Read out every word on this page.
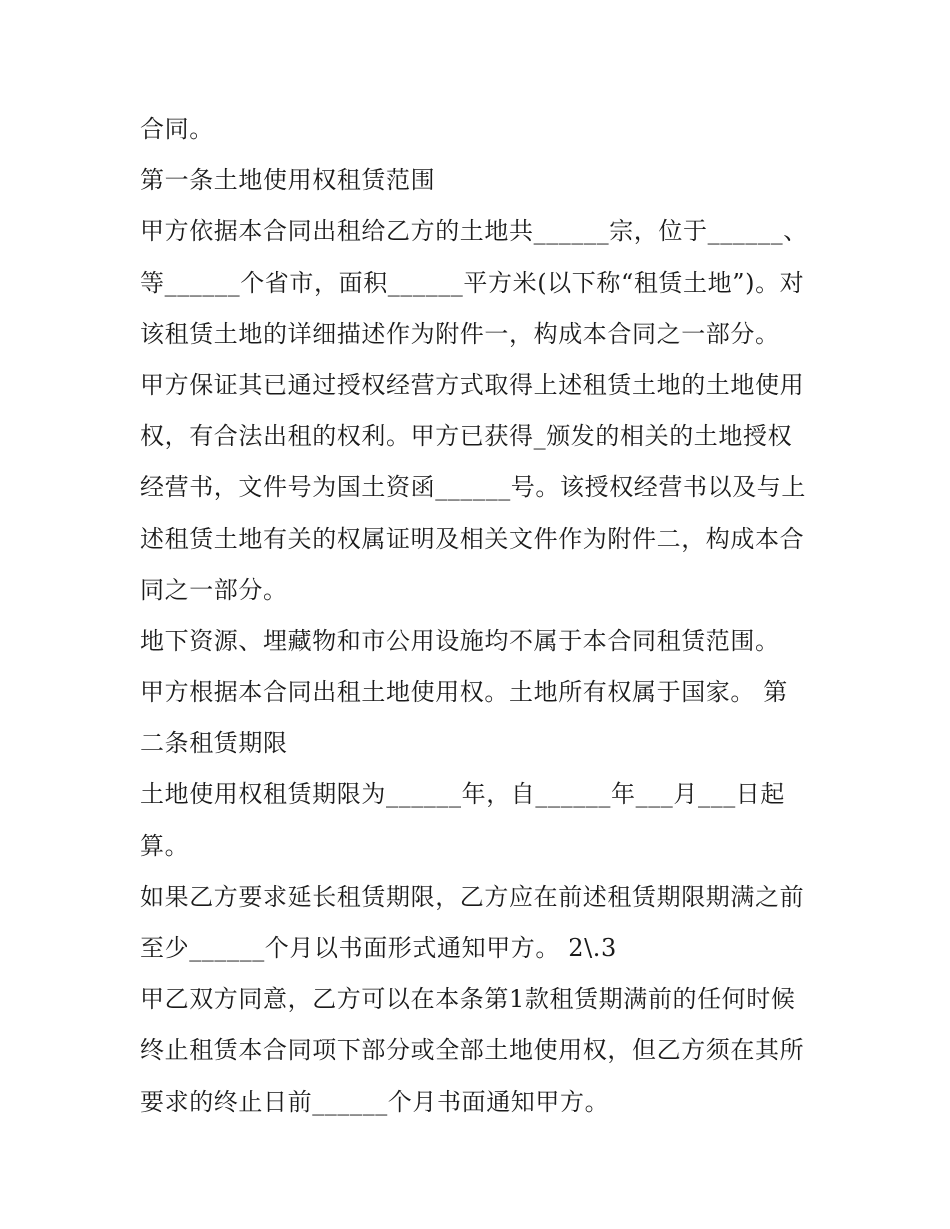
合同。
第一条土地使用权租赁范围
甲方依据本合同出租给乙方的土地共______宗，位于______、
等______个省市，面积______平方米(以下称“租赁土地”)。对
该租赁土地的详细描述作为附件一，构成本合同之一部分。
甲方保证其已通过授权经营方式取得上述租赁土地的土地使用
权，有合法出租的权利。甲方已获得_颁发的相关的土地授权
经营书，文件号为国土资函______号。该授权经营书以及与上
述租赁土地有关的权属证明及相关文件作为附件二，构成本合
同之一部分。
地下资源、埋藏物和市公用设施均不属于本合同租赁范围。
甲方根据本合同出租土地使用权。土地所有权属于国家。 第
二条租赁期限
土地使用权租赁期限为______年，自______年___月___日起
算。
如果乙方要求延长租赁期限，乙方应在前述租赁期限期满之前
至少______个月以书面形式通知甲方。 2\.3
甲乙双方同意，乙方可以在本条第1款租赁期满前的任何时候
终止租赁本合同项下部分或全部土地使用权，但乙方须在其所
要求的终止日前______个月书面通知甲方。
